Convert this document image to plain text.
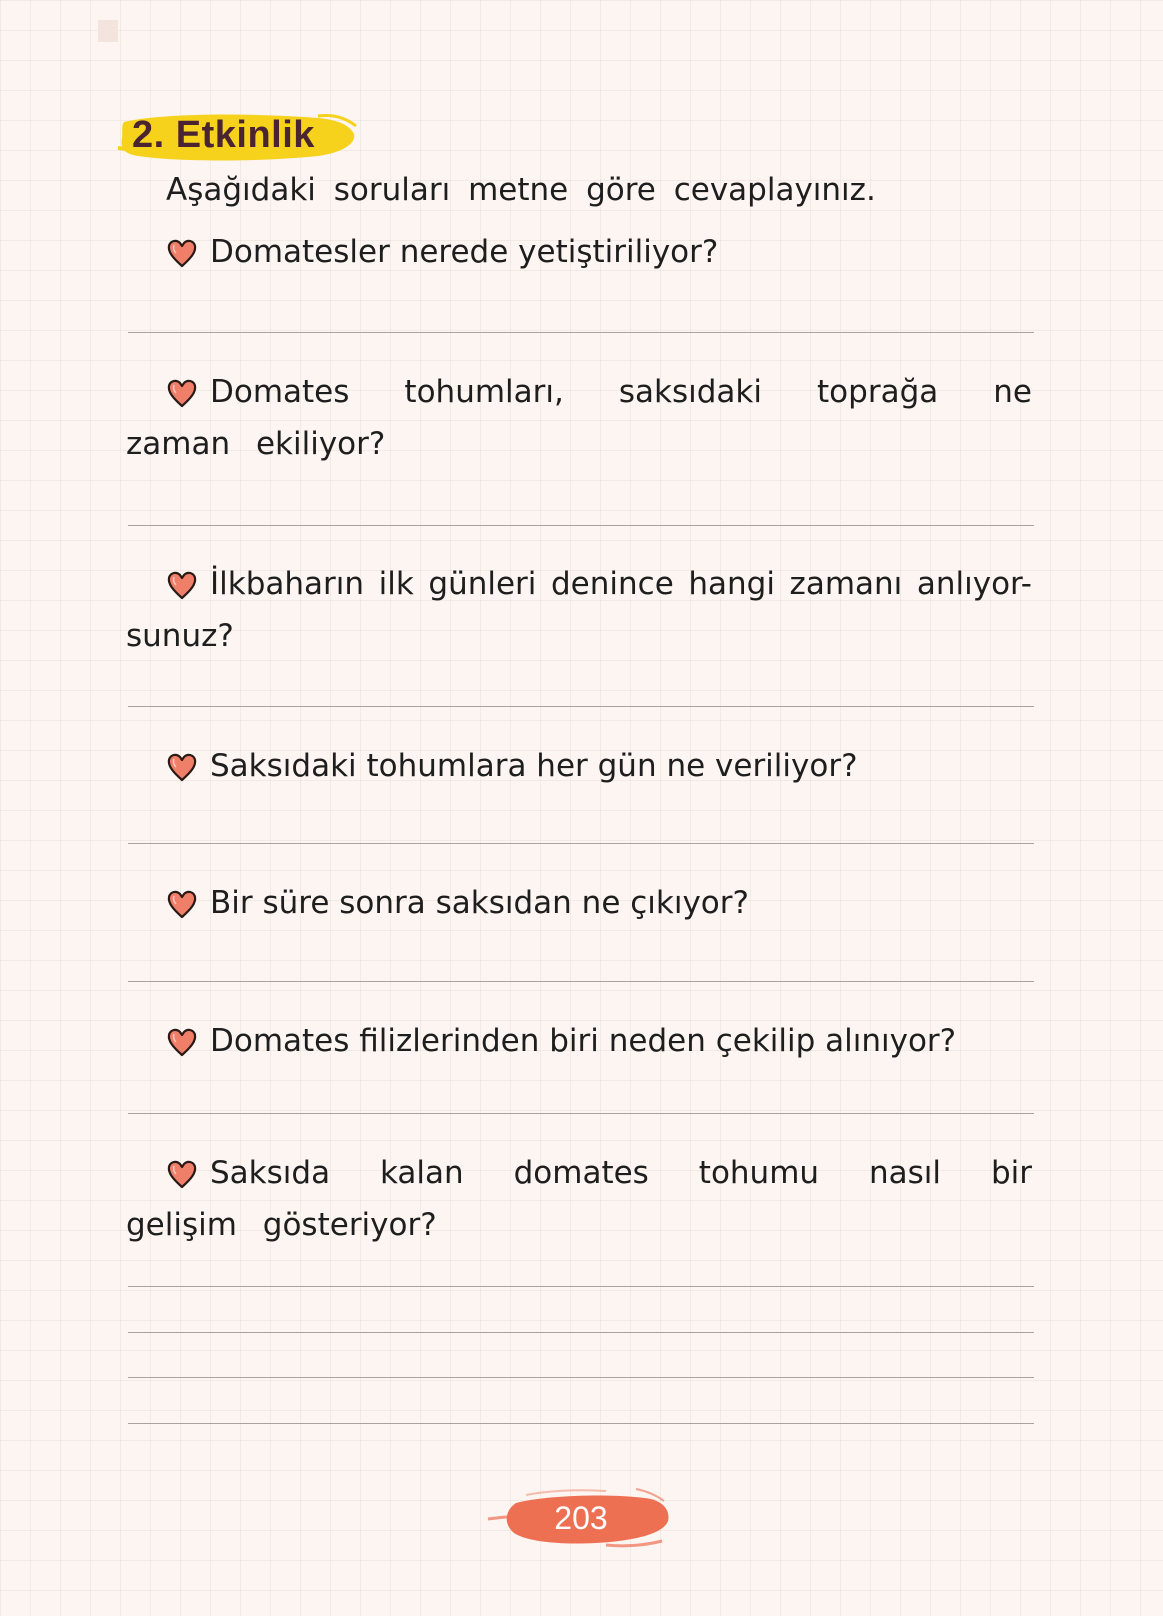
2. Etkinlik
Aşağıdaki soruları metne göre cevaplayınız.
Domatesler nerede yetiştiriliyor?
Domates tohumları, saksıdaki toprağa ne zaman ekiliyor?
İlkbaharın ilk günleri denince hangi zamanı anlıyor-sunuz?
Saksıdaki tohumlara her gün ne veriliyor?
Bir süre sonra saksıdan ne çıkıyor?
Domates filizlerinden biri neden çekilip alınıyor?
Saksıda kalan domates tohumu nasıl bir gelişim gösteriyor?
203
